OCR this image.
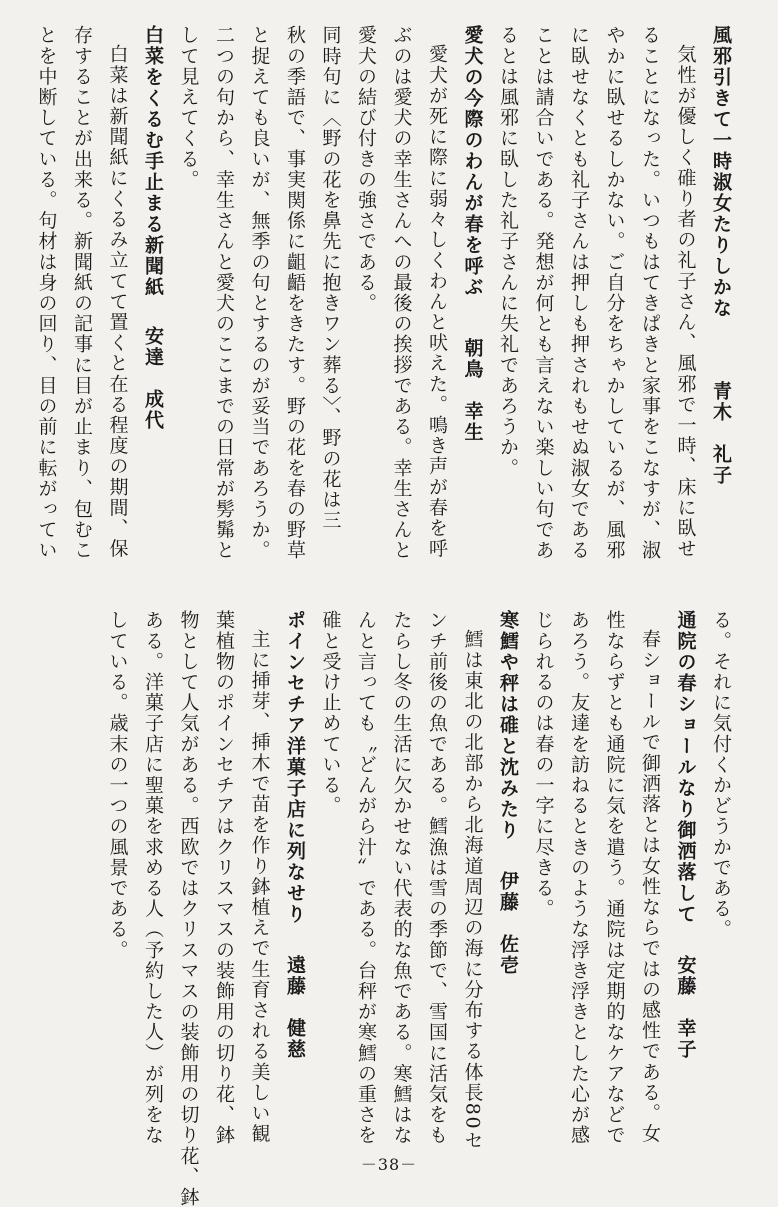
風邪引きて一時淑女たりしかな青木　礼子
気性が優しく碓り者の礼子さん、風邪で一時、床に臥せ
ることになった。いつもはてきぱきと家事をこなすが、淑
やかに臥せるしかない。ご自分をちゃかしているが、風邪
に臥せなくとも礼子さんは押しも押されもせぬ淑女である
ことは請合いである。発想が何とも言えない楽しい句であ
るとは風邪に臥した礼子さんに失礼であろうか。
愛犬の今際のわんが春を呼ぶ朝鳥　幸生
愛犬が死に際に弱々しくわんと吠えた。鳴き声が春を呼
ぶのは愛犬の幸生さんへの最後の挨拶である。幸生さんと
愛犬の結び付きの強さである。
同時句に〈野の花を鼻先に抱きワン葬る〉、野の花は三
秋の季語で、事実関係に齟齬をきたす。野の花を春の野草
と捉えても良いが、無季の句とするのが妥当であろうか。
二つの句から、幸生さんと愛犬のここまでの日常が髣髴と
して見えてくる。
白菜をくるむ手止まる新聞紙安達　成代
白菜は新聞紙にくるみ立てて置くと在る程度の期間、保
存することが出来る。新聞紙の記事に目が止まり、包むこ
とを中断している。句材は身の回り、目の前に転がってい
る。それに気付くかどうかである。
通院の春ショールなり御洒落して安藤　幸子
春ショールで御洒落とは女性ならではの感性である。女
性ならずとも通院に気を遣う。通院は定期的なケアなどで
あろう。友達を訪ねるときのような浮き浮きとした心が感
じられるのは春の一字に尽きる。
寒鱈や秤は碓と沈みたり伊藤　佐壱
鱈は東北の北部から北海道周辺の海に分布する体長80セ
ンチ前後の魚である。鱈漁は雪の季節で、雪国に活気をも
たらし冬の生活に欠かせない代表的な魚である。寒鱈はな
んと言っても〝どんがら汁〟である。台秤が寒鱈の重さを
碓と受け止めている。
ポインセチア洋菓子店に列なせり遠藤　健慈
主に挿芽、挿木で苗を作り鉢植えで生育される美しい観
葉植物のポインセチアはクリスマスの装飾用の切り花、鉢
物として人気がある。西欧ではクリスマスの装飾用の切り花、鉢
ある。洋菓子店に聖菓を求める人（予約した人）が列をな
している。歳末の一つの風景である。
－38－
